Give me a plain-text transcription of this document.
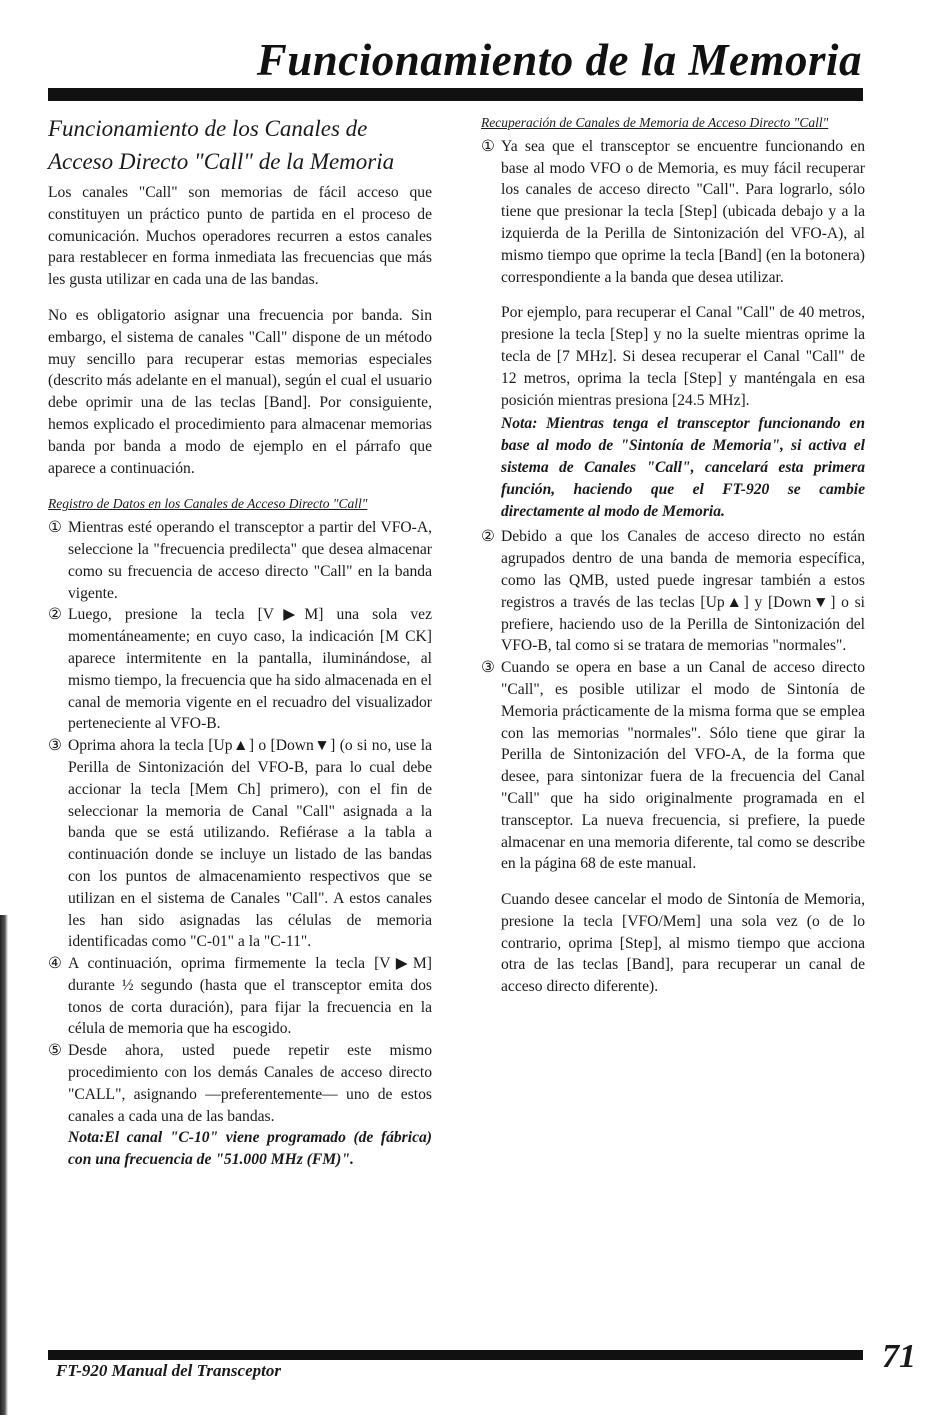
Funcionamiento de la Memoria
Funcionamiento de los Canales de Acceso Directo "Call" de la Memoria

Los canales "Call" son memorias de fácil acceso que constituyen un práctico punto de partida en el proceso de comunicación. Muchos operadores recurren a estos canales para restablecer en forma inmediata las frecuencias que más les gusta utilizar en cada una de las bandas.

No es obligatorio asignar una frecuencia por banda. Sin embargo, el sistema de canales "Call" dispone de un método muy sencillo para recuperar estas memorias especiales (descrito más adelante en el manual), según el cual el usuario debe oprimir una de las teclas [Band]. Por consiguiente, hemos explicado el procedimiento para almacenar memorias banda por banda a modo de ejemplo en el párrafo que aparece a continuación.

Registro de Datos en los Canales de Acceso Directo "Call"
① Mientras esté operando el transceptor a partir del VFO-A, seleccione la "frecuencia predilecta" que desea almacenar como su frecuencia de acceso directo "Call" en la banda vigente.
② Luego, presione la tecla [V▶M] una sola vez momentáneamente; en cuyo caso, la indicación [M CK] aparece intermitente en la pantalla, iluminándose, al mismo tiempo, la frecuencia que ha sido almacenada en el canal de memoria vigente en el recuadro del visualizador perteneciente al VFO-B.
③ Oprima ahora la tecla [Up▲] o [Down▼] (o si no, use la Perilla de Sintonización del VFO-B, para lo cual debe accionar la tecla [Mem Ch] primero), con el fin de seleccionar la memoria de Canal "Call" asignada a la banda que se está utilizando. Refiérase a la tabla a continuación donde se incluye un listado de las bandas con los puntos de almacenamiento respectivos que se utilizan en el sistema de Canales "Call". A estos canales les han sido asignadas las células de memoria identificadas como "C-01" a la "C-11".
④ A continuación, oprima firmemente la tecla [V▶M] durante ½ segundo (hasta que el transceptor emita dos tonos de corta duración), para fijar la frecuencia en la célula de memoria que ha escogido.
⑤ Desde ahora, usted puede repetir este mismo procedimiento con los demás Canales de acceso directo "CALL", asignando —preferentemente— uno de estos canales a cada una de las bandas.
Nota:El canal "C-10" viene programado (de fábrica) con una frecuencia de "51.000 MHz (FM)".
Recuperación de Canales de Memoria de Acceso Directo "Call"
① Ya sea que el transceptor se encuentre funcionando en base al modo VFO o de Memoria, es muy fácil recuperar los canales de acceso directo "Call". Para lograrlo, sólo tiene que presionar la tecla [Step] (ubicada debajo y a la izquierda de la Perilla de Sintonización del VFO-A), al mismo tiempo que oprime la tecla [Band] (en la botonera) correspondiente a la banda que desea utilizar.

Por ejemplo, para recuperar el Canal "Call" de 40 metros, presione la tecla [Step] y no la suelte mientras oprime la tecla de [7 MHz]. Si desea recuperar el Canal "Call" de 12 metros, oprima la tecla [Step] y manténgala en esa posición mientras presiona [24.5 MHz].

Nota: Mientras tenga el transceptor funcionando en base al modo de "Sintonía de Memoria", si activa el sistema de Canales "Call", cancelará esta primera función, haciendo que el FT-920 se cambie directamente al modo de Memoria.
② Debido a que los Canales de acceso directo no están agrupados dentro de una banda de memoria específica, como las QMB, usted puede ingresar también a estos registros a través de las teclas [Up▲] y [Down▼] o si prefiere, haciendo uso de la Perilla de Sintonización del VFO-B, tal como si se tratara de memorias "normales".
③ Cuando se opera en base a un Canal de acceso directo "Call", es posible utilizar el modo de Sintonía de Memoria prácticamente de la misma forma que se emplea con las memorias "normales". Sólo tiene que girar la Perilla de Sintonización del VFO-A, de la forma que desee, para sintonizar fuera de la frecuencia del Canal "Call" que ha sido originalmente programada en el transceptor. La nueva frecuencia, si prefiere, la puede almacenar en una memoria diferente, tal como se describe en la página 68 de este manual.

Cuando desee cancelar el modo de Sintonía de Memoria, presione la tecla [VFO/Mem] una sola vez (o de lo contrario, oprima [Step], al mismo tiempo que acciona otra de las teclas [Band], para recuperar un canal de acceso directo diferente).

FT-920 Manual del Transceptor	71
